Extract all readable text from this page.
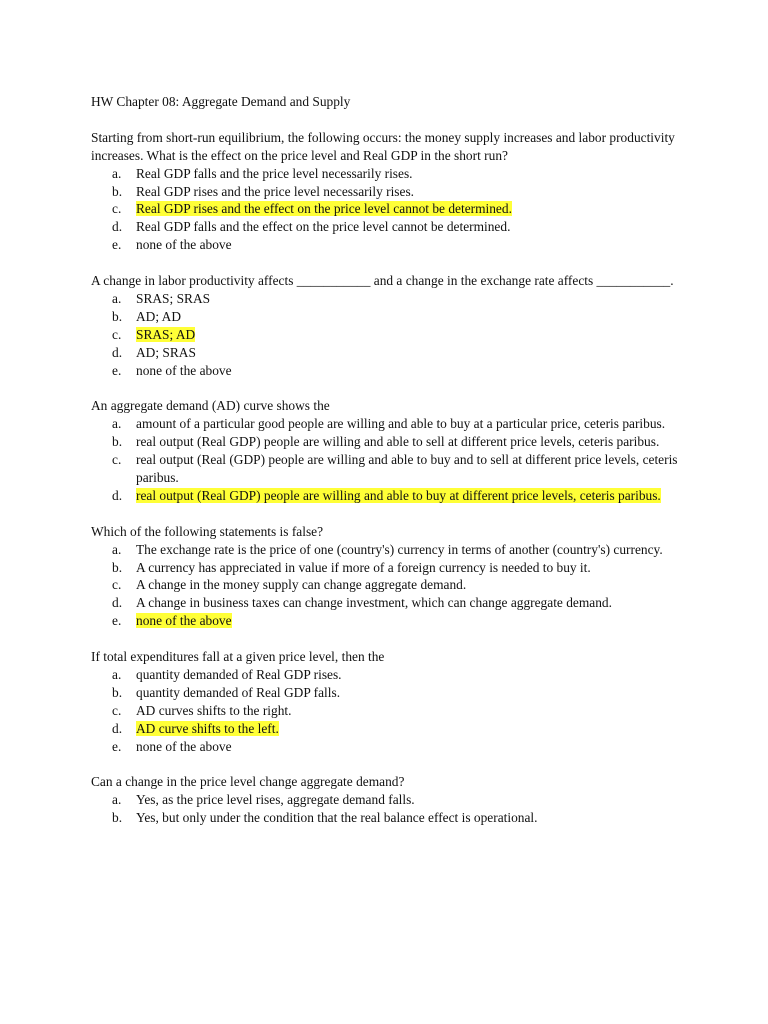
HW Chapter 08: Aggregate Demand and Supply

Starting from short-run equilibrium, the following occurs: the money supply increases and labor productivity increases. What is the effect on the price level and Real GDP in the short run?

a. Real GDP falls and the price level necessarily rises.
b. Real GDP rises and the price level necessarily rises.
c. Real GDP rises and the effect on the price level cannot be determined.
d. Real GDP falls and the effect on the price level cannot be determined.
e. none of the above

A change in labor productivity affects ___________ and a change in the exchange rate affects ___________.

a. SRAS; SRAS
b. AD; AD
c. SRAS; AD
d. AD; SRAS
e. none of the above

An aggregate demand (AD) curve shows the

a. amount of a particular good people are willing and able to buy at a particular price, ceteris paribus.
b. real output (Real GDP) people are willing and able to sell at different price levels, ceteris paribus.
c. real output (Real (GDP) people are willing and able to buy and to sell at different price levels, ceteris paribus.
d. real output (Real GDP) people are willing and able to buy at different price levels, ceteris paribus.

Which of the following statements is false?

a. The exchange rate is the price of one (country's) currency in terms of another (country's) currency.
b. A currency has appreciated in value if more of a foreign currency is needed to buy it.
c. A change in the money supply can change aggregate demand.
d. A change in business taxes can change investment, which can change aggregate demand.
e. none of the above

If total expenditures fall at a given price level, then the

a. quantity demanded of Real GDP rises.
b. quantity demanded of Real GDP falls.
c. AD curves shifts to the right.
d. AD curve shifts to the left.
e. none of the above

Can a change in the price level change aggregate demand?

a. Yes, as the price level rises, aggregate demand falls.
b. Yes, but only under the condition that the real balance effect is operational.
